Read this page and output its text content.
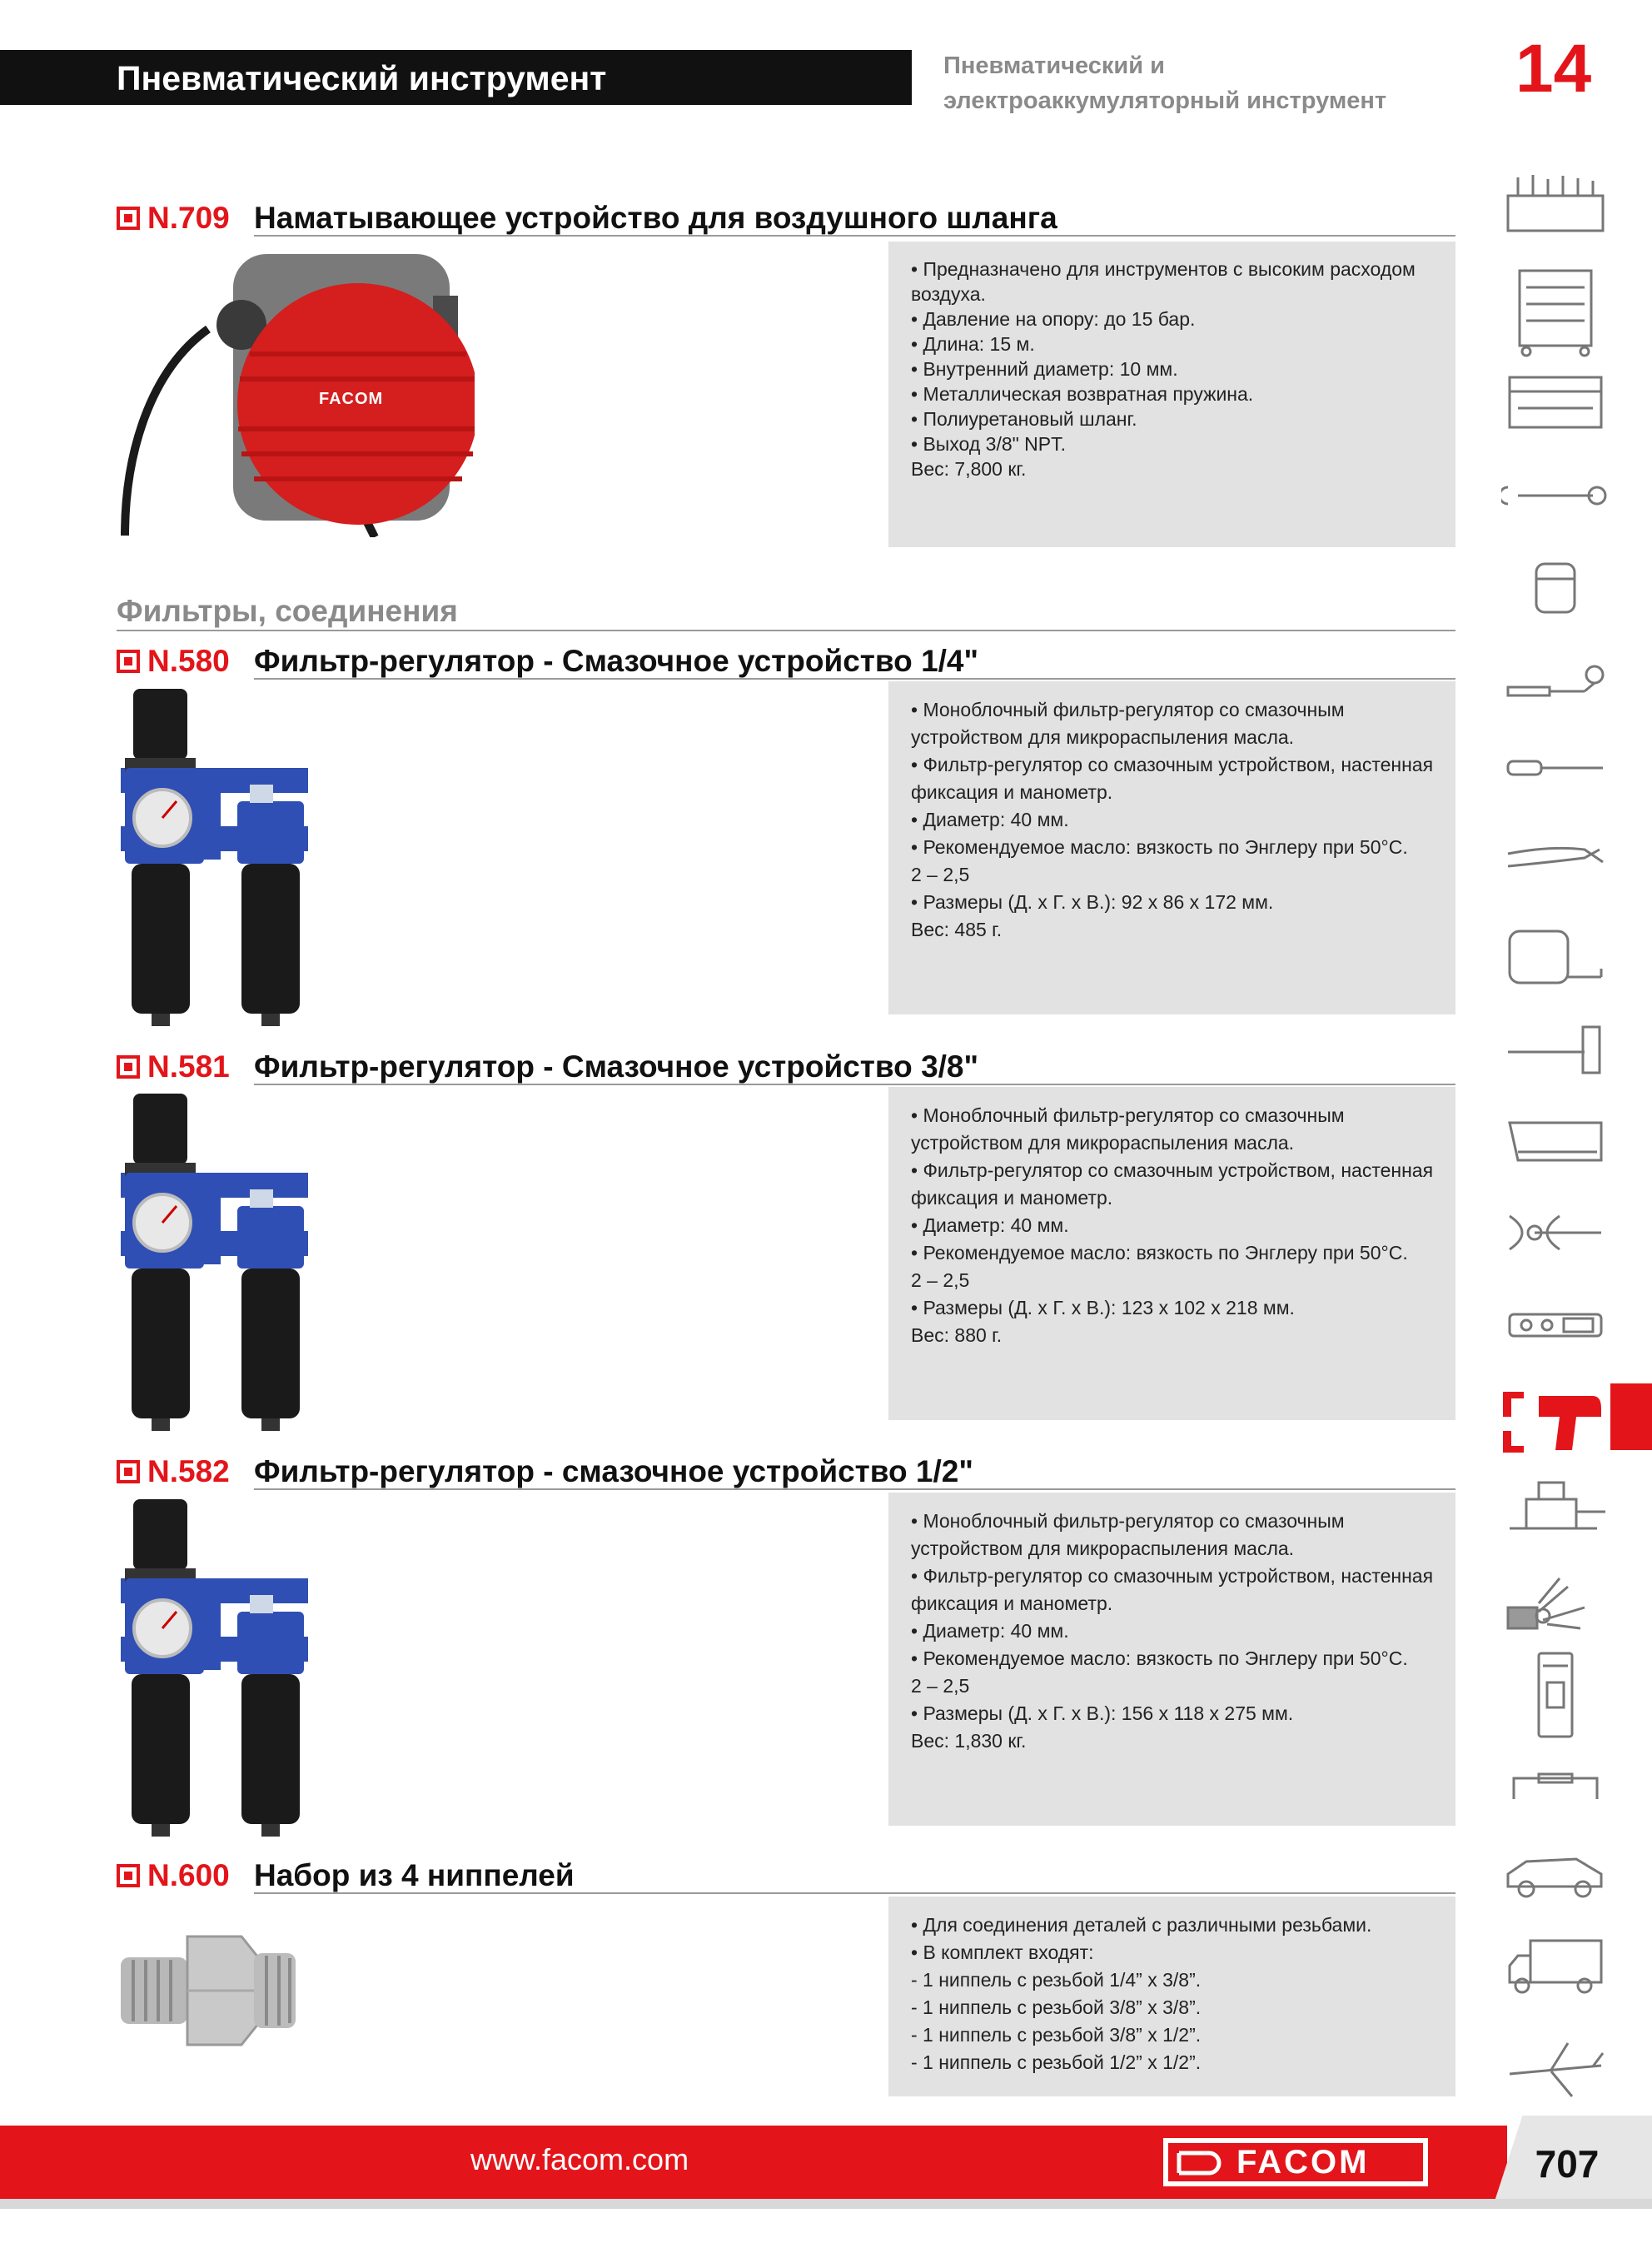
Пневматический инструмент	Пневматический и
электроаккумуляторный инструмент	14
N.709 Наматывающее устройство для воздушного шланга
FACOM
• Предназначено для инструментов с высоким расходом
воздуха.
• Давление на опору: до 15 бар.
• Длина: 15 м.
• Внутренний диаметр: 10 мм.
• Металлическая возвратная пружина.
• Полиуретановый шланг.
• Выход 3/8" NPT.
Вес: 7,800 кг.
Фильтры, соединения
N.580 Фильтр-регулятор - Смазочное устройство 1/4"
• Моноблочный фильтр-регулятор со смазочным
устройством для микрораспыления масла.
• Фильтр-регулятор со смазочным устройством, настенная
фиксация и манометр.
• Диаметр: 40 мм.
• Рекомендуемое масло: вязкость по Энглеру при 50°C.
2 – 2,5
• Размеры (Д. х Г. х В.): 92 х 86 х 172 мм.
Вес: 485 г.
N.581 Фильтр-регулятор - Смазочное устройство 3/8"
• Моноблочный фильтр-регулятор со смазочным
устройством для микрораспыления масла.
• Фильтр-регулятор со смазочным устройством, настенная
фиксация и манометр.
• Диаметр: 40 мм.
• Рекомендуемое масло: вязкость по Энглеру при 50°C.
2 – 2,5
• Размеры (Д. х Г. х В.): 123 х 102 х 218 мм.
Вес: 880 г.
N.582 Фильтр-регулятор - смазочное устройство 1/2"
• Моноблочный фильтр-регулятор со смазочным
устройством для микрораспыления масла.
• Фильтр-регулятор со смазочным устройством, настенная
фиксация и манометр.
• Диаметр: 40 мм.
• Рекомендуемое масло: вязкость по Энглеру при 50°C.
2 – 2,5
• Размеры (Д. х Г. х В.): 156 х 118 х 275 мм.
Вес: 1,830 кг.
N.600 Набор из 4 ниппелей
• Для соединения деталей с различными резьбами.
• В комплект входят:
- 1 ниппель с резьбой 1/4” х 3/8”.
- 1 ниппель с резьбой 3/8” х 3/8”.
- 1 ниппель с резьбой 3/8” х 1/2”.
- 1 ниппель с резьбой 1/2” х 1/2”.
www.facom.com	FACOM	707
